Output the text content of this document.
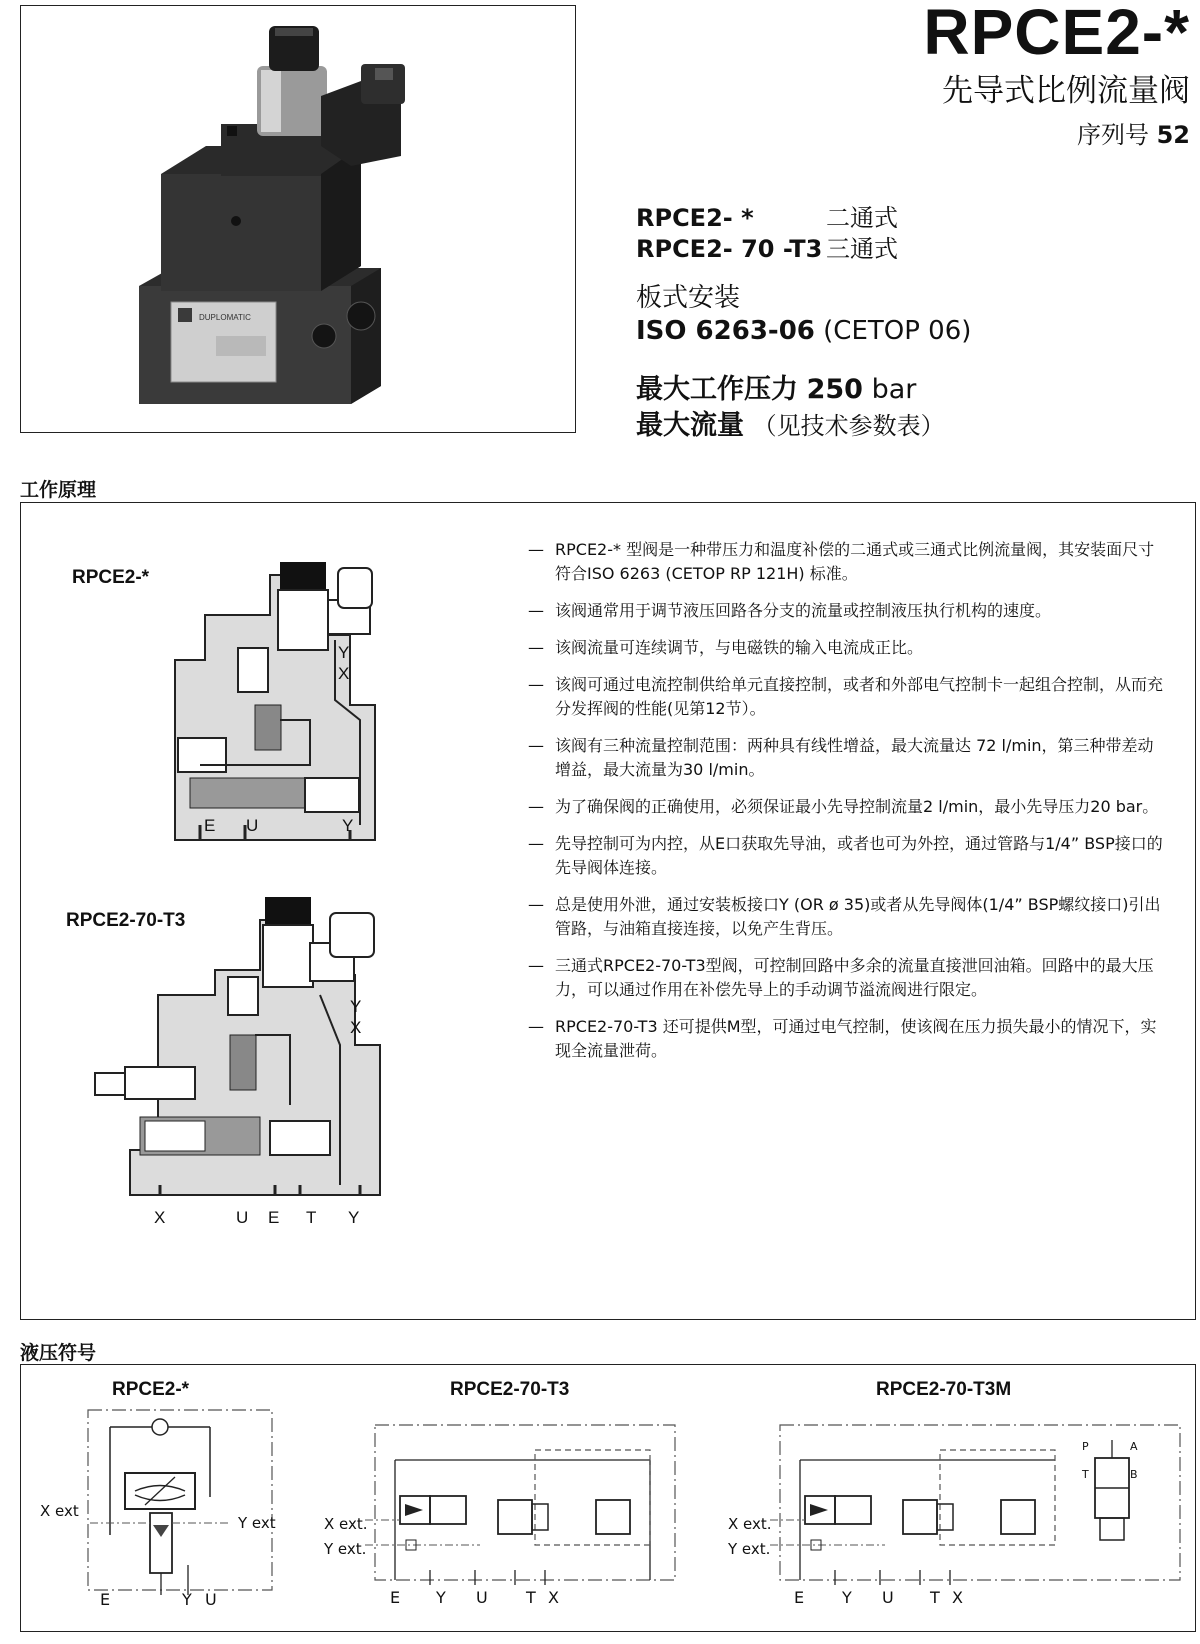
DUPLOMATIC
RPCE2-*
先导式比例流量阀
序列号 52
RPCE2- *	二通式
RPCE2- 70 -T3 三通式
板式安装
ISO 6263-06 (CETOP 06)
最大工作压力 250 bar
最大流量 （见技术参数表）
工作原理
RPCE2-*
Y
X
E U	Y
RPCE2-70-T3
Y
X
X	U E T Y
— RPCE2-* 型阀是一种带压力和温度补偿的二通式或三通式比例流量阀，其安装面尺寸符合ISO 6263 (CETOP RP 121H) 标准。
— 该阀通常用于调节液压回路各分支的流量或控制液压执行机构的速度。
— 该阀流量可连续调节，与电磁铁的输入电流成正比。
— 该阀可通过电流控制供给单元直接控制，或者和外部电气控制卡一起组合控制，从而充分发挥阀的性能(见第12节）。
— 该阀有三种流量控制范围：两种具有线性增益，最大流量达 72 l/min，第三种带差动增益，最大流量为30 l/min。
— 为了确保阀的正确使用，必须保证最小先导控制流量2 l/min，最小先导压力20 bar。
— 先导控制可为内控，从E口获取先导油，或者也可为外控，通过管路与1/4” BSP接口的先导阀体连接。
— 总是使用外泄，通过安装板接口Y (OR ø 35)或者从先导阀体(1/4” BSP螺纹接口)引出管路，与油箱直接连接，以免产生背压。
— 三通式RPCE2-70-T3型阀，可控制回路中多余的流量直接泄回油箱。回路中的最大压力，可以通过作用在补偿先导上的手动调节溢流阀进行限定。
— RPCE2-70-T3 还可提供M型，可通过电气控制，使该阀在压力损失最小的情况下，实现全流量泄荷。
液压符号
RPCE2-*
X ext
Y ext
E	Y U
RPCE2-70-T3
X ext.
Y ext.
E Y U T X
RPCE2-70-T3M
P	A
T	B
X ext.
Y ext.
E Y U T X
